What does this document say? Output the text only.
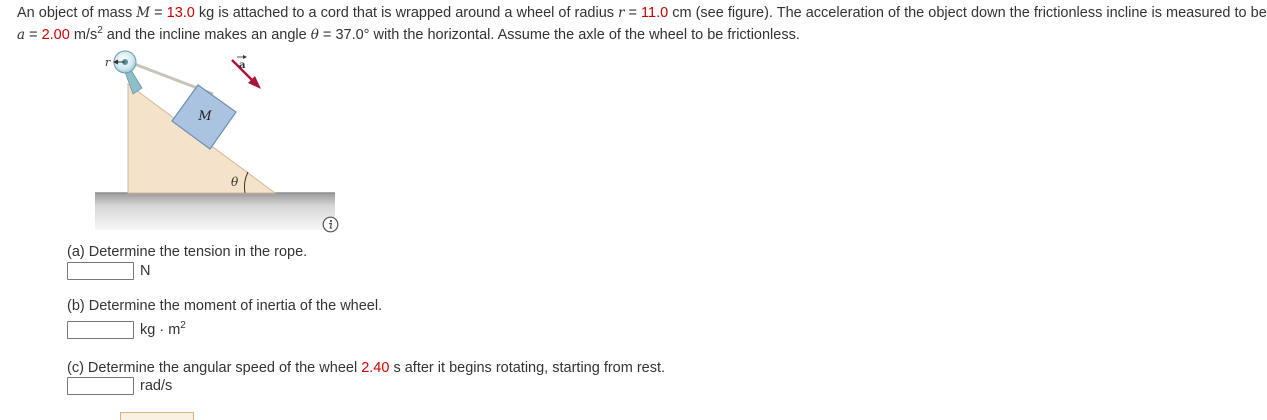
An object of mass M = 13.0 kg is attached to a cord that is wrapped around a wheel of radius r = 11.0 cm (see figure). The acceleration of the object down the frictionless incline is measured to be
a = 2.00 $m/s^2$ and the incline makes an angle θ = 37.0° with the horizontal. Assume the axle of the wheel to be frictionless.
M
r	a
θ
(a) Determine the tension in the rope.
N
(b) Determine the moment of inertia of the wheel.
kg · $m^2$
(c) Determine the angular speed of the wheel 2.40 s after it begins rotating, starting from rest.
rad/s
